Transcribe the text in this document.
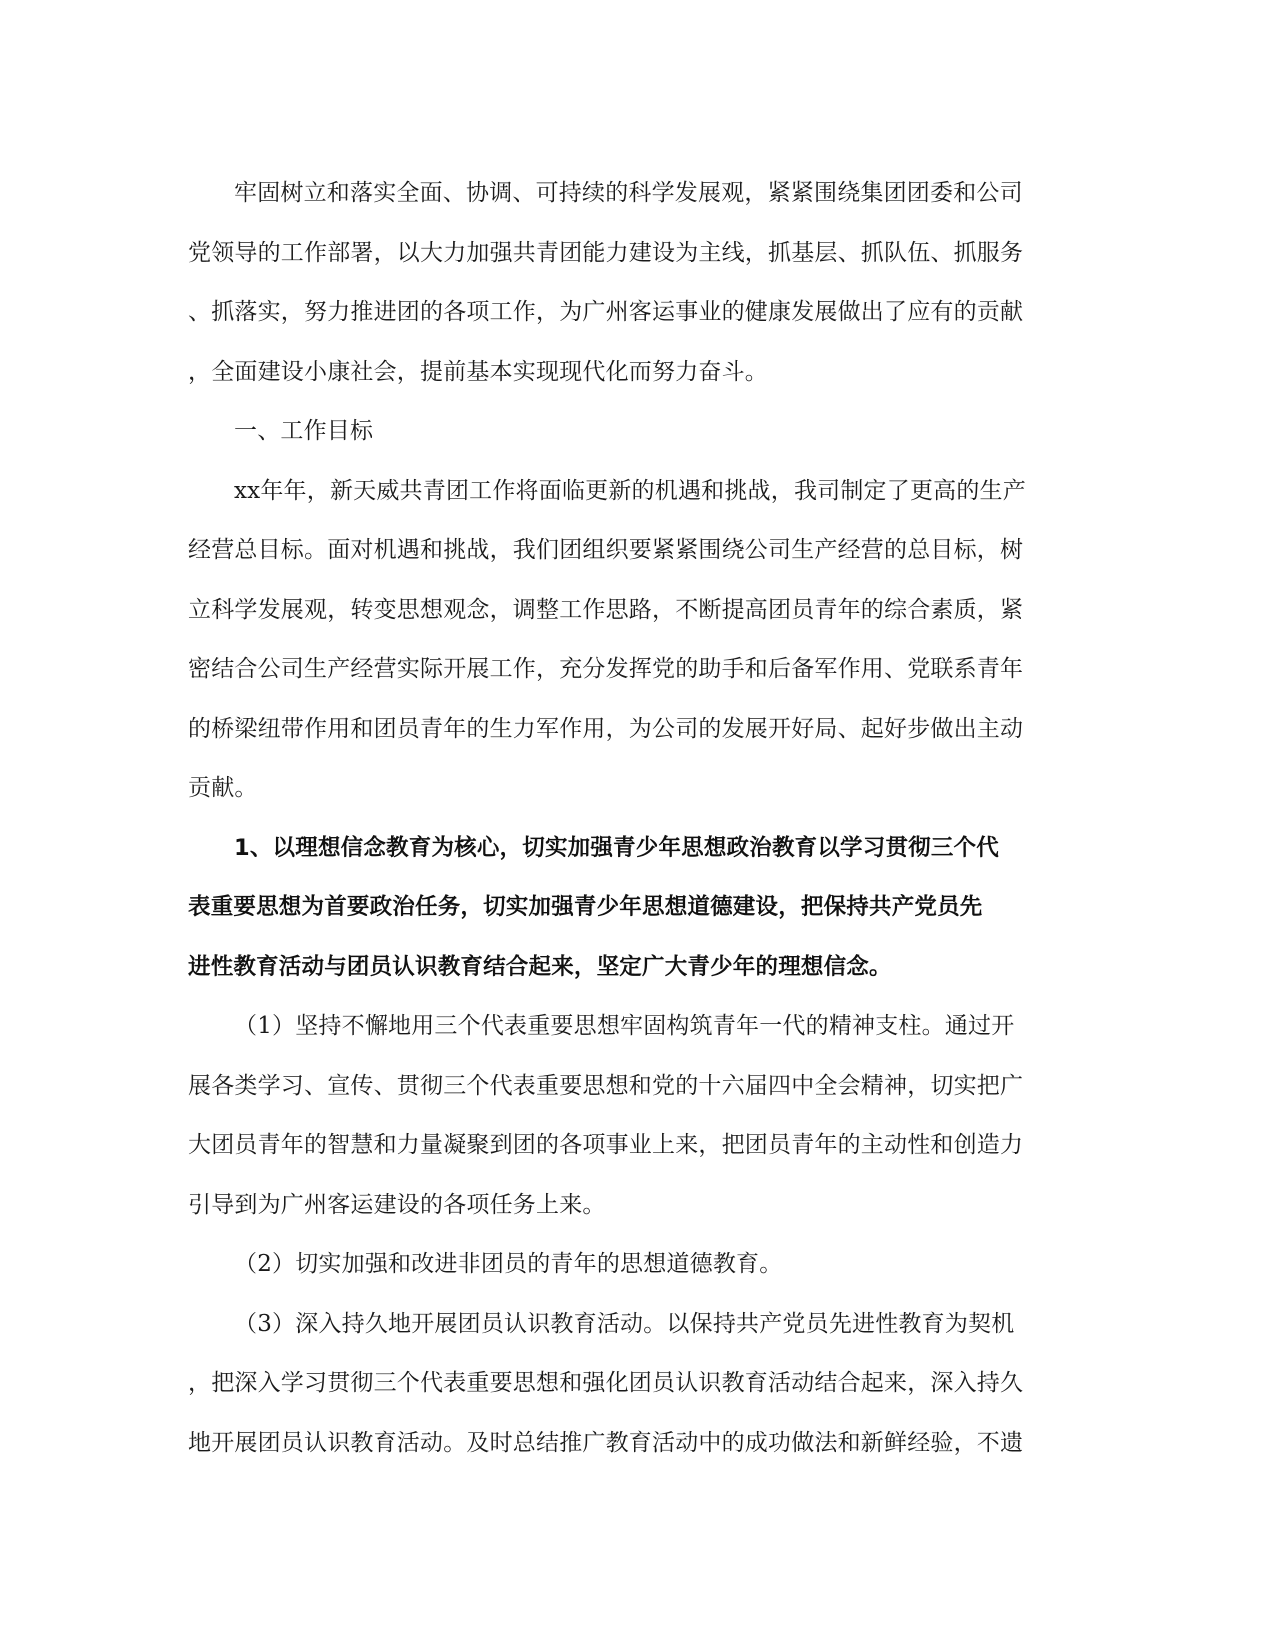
牢固树立和落实全面、协调、可持续的科学发展观，紧紧围绕集团团委和公司
党领导的工作部署，以大力加强共青团能力建设为主线，抓基层、抓队伍、抓服务
、抓落实，努力推进团的各项工作，为广州客运事业的健康发展做出了应有的贡献
，全面建设小康社会，提前基本实现现代化而努力奋斗。
一、工作目标
xx年年，新天威共青团工作将面临更新的机遇和挑战，我司制定了更高的生产
经营总目标。面对机遇和挑战，我们团组织要紧紧围绕公司生产经营的总目标，树
立科学发展观，转变思想观念，调整工作思路，不断提高团员青年的综合素质，紧
密结合公司生产经营实际开展工作，充分发挥党的助手和后备军作用、党联系青年
的桥梁纽带作用和团员青年的生力军作用，为公司的发展开好局、起好步做出主动
贡献。
1、以理想信念教育为核心，切实加强青少年思想政治教育以学习贯彻三个代
表重要思想为首要政治任务，切实加强青少年思想道德建设，把保持共产党员先
进性教育活动与团员认识教育结合起来，坚定广大青少年的理想信念。
（1）坚持不懈地用三个代表重要思想牢固构筑青年一代的精神支柱。通过开
展各类学习、宣传、贯彻三个代表重要思想和党的十六届四中全会精神，切实把广
大团员青年的智慧和力量凝聚到团的各项事业上来，把团员青年的主动性和创造力
引导到为广州客运建设的各项任务上来。
（2）切实加强和改进非团员的青年的思想道德教育。
（3）深入持久地开展团员认识教育活动。以保持共产党员先进性教育为契机
，把深入学习贯彻三个代表重要思想和强化团员认识教育活动结合起来，深入持久
地开展团员认识教育活动。及时总结推广教育活动中的成功做法和新鲜经验，不遗
